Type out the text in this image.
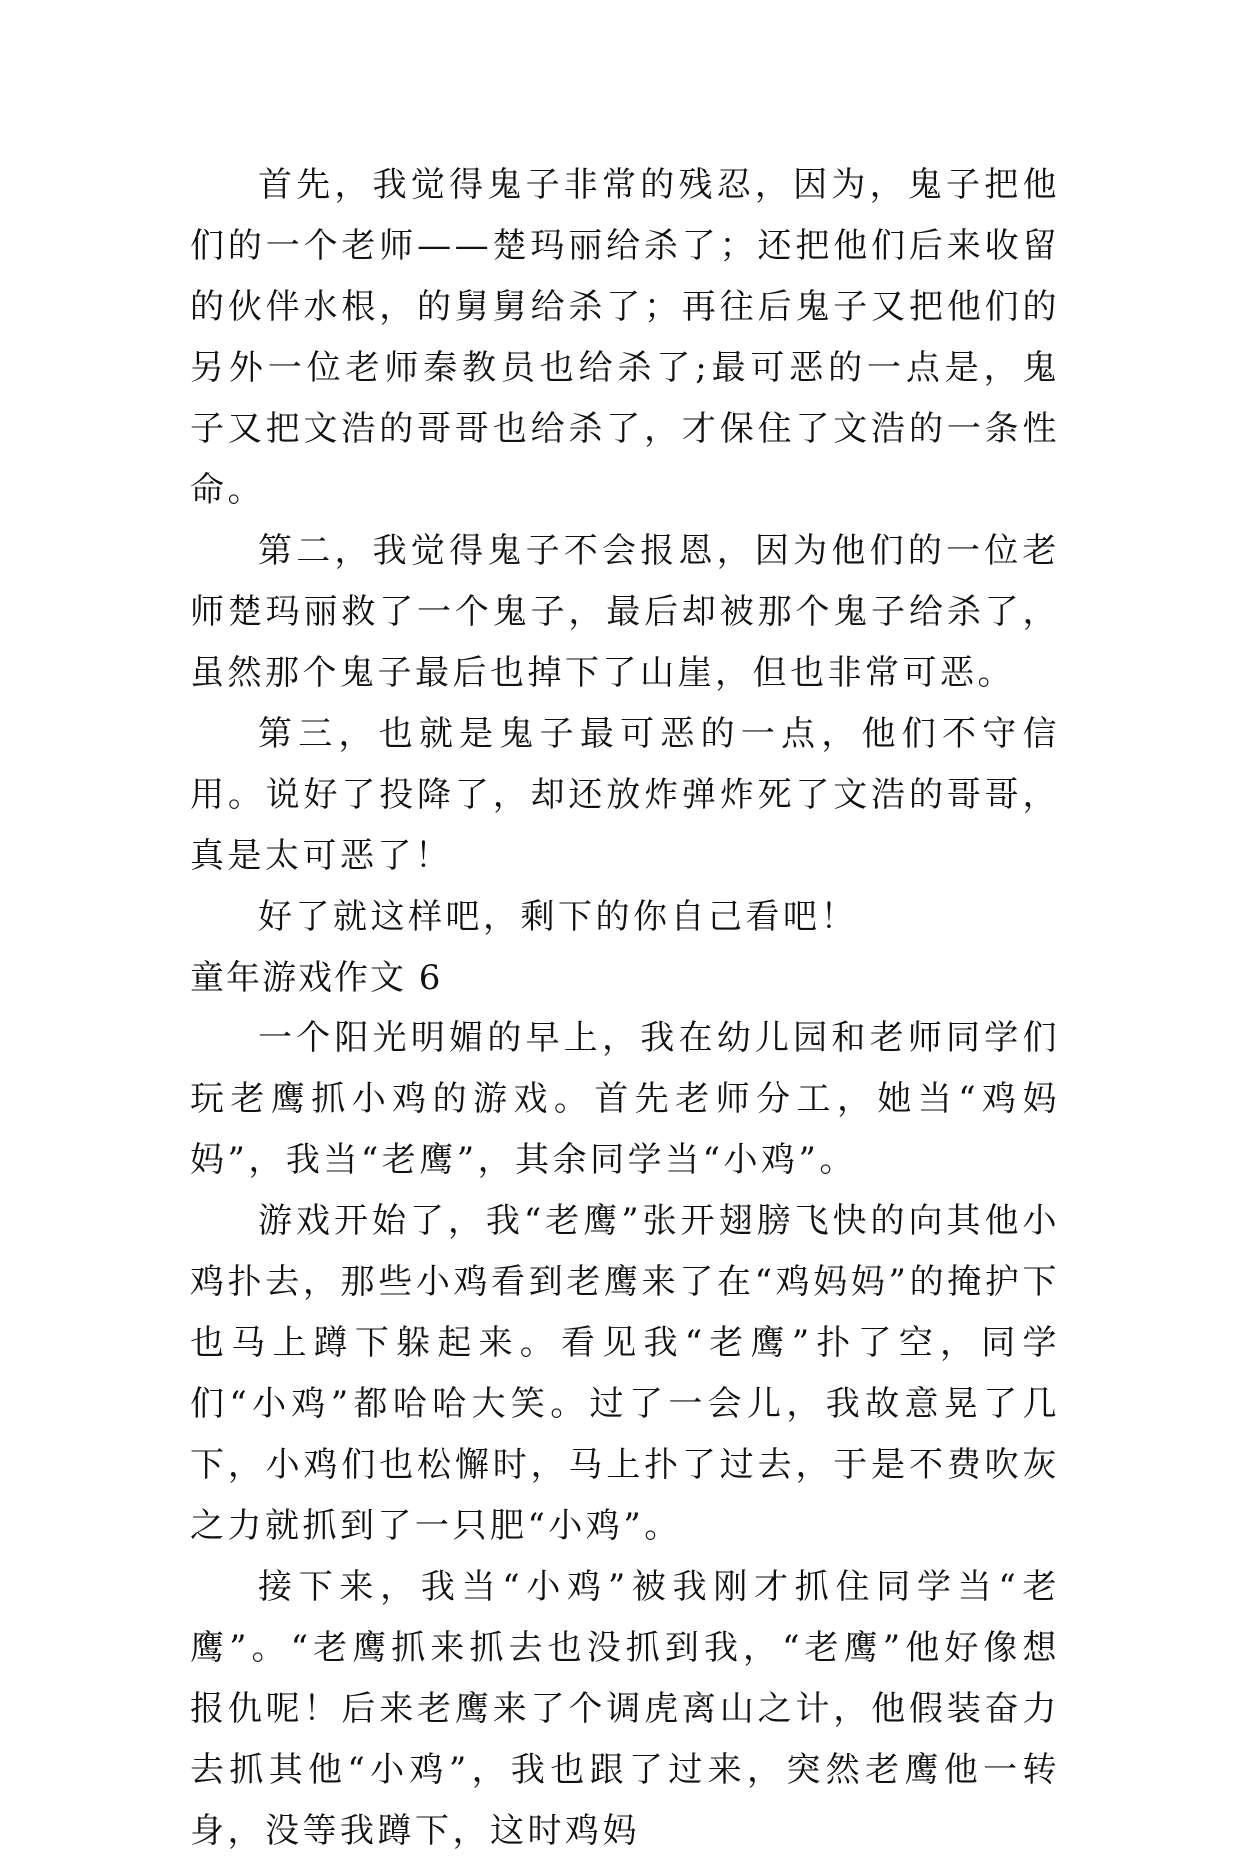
首先，我觉得鬼子非常的残忍，因为，鬼子把他们的一个老师——楚玛丽给杀了；还把他们后来收留的伙伴水根，的舅舅给杀了；再往后鬼子又把他们的另外一位老师秦教员也给杀了;最可恶的一点是，鬼子又把文浩的哥哥也给杀了，才保住了文浩的一条性命。

第二，我觉得鬼子不会报恩，因为他们的一位老师楚玛丽救了一个鬼子，最后却被那个鬼子给杀了，虽然那个鬼子最后也掉下了山崖，但也非常可恶。

第三，也就是鬼子最可恶的一点，他们不守信用。说好了投降了，却还放炸弹炸死了文浩的哥哥，真是太可恶了！

好了就这样吧，剩下的你自己看吧！

童年游戏作文 6

一个阳光明媚的早上，我在幼儿园和老师同学们玩老鹰抓小鸡的游戏。首先老师分工，她当“鸡妈妈”，我当“老鹰”，其余同学当“小鸡”。

游戏开始了，我“老鹰”张开翅膀飞快的向其他小鸡扑去，那些小鸡看到老鹰来了在“鸡妈妈”的掩护下也马上蹲下躲起来。看见我“老鹰”扑了空，同学们“小鸡”都哈哈大笑。过了一会儿，我故意晃了几下，小鸡们也松懈时，马上扑了过去，于是不费吹灰之力就抓到了一只肥“小鸡”。

接下来，我当“小鸡”被我刚才抓住同学当“老鹰”。“老鹰抓来抓去也没抓到我，“老鹰”他好像想报仇呢！后来老鹰来了个调虎离山之计，他假装奋力去抓其他“小鸡”，我也跟了过来，突然老鹰他一转身，没等我蹲下，这时鸡妈
